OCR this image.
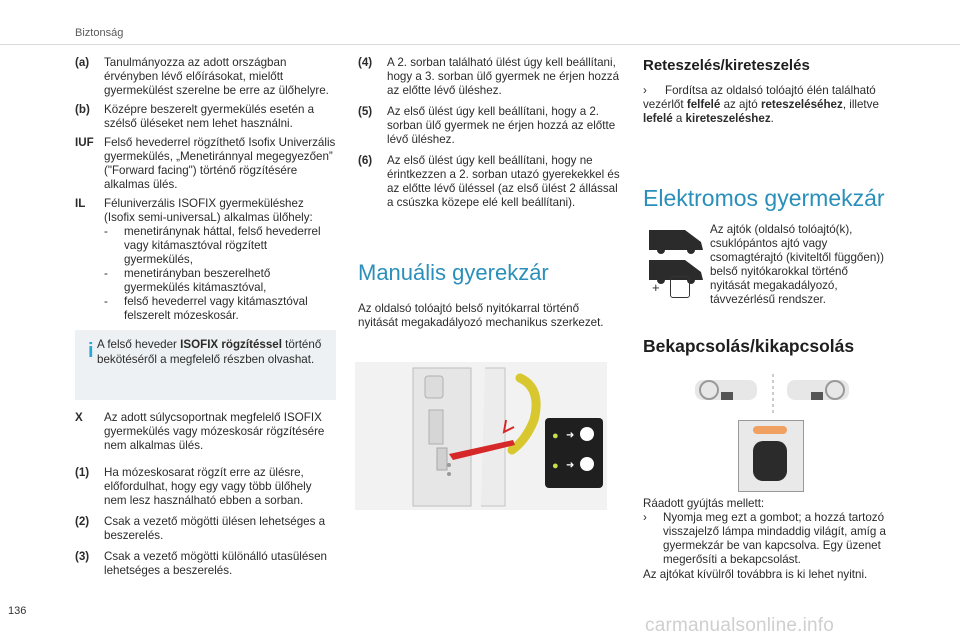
Biztonság
(a)	Tanulmányozza az adott országban érvényben lévő előírásokat, mielőtt gyermekülést szerelne be erre az ülőhelyre.
(b)	Középre beszerelt gyermekülés esetén a szélső üléseket nem lehet használni.
IUF Felső hevederrel rögzíthető Isofix Univerzális gyermekülés, „Menetiránnyal megegyezően” ("Forward facing") történő rögzítésére alkalmas ülés.
IL	Féluniverzális ISOFIX gyermeküléshez (Isofix semi-universaL) alkalmas ülőhely:
-	menetiránynak háttal, felső hevederrel vagy kitámasztóval rögzített gyermekülés,
-	menetirányban beszerelhető gyermekülés kitámasztóval,
-	felső hevederrel vagy kitámasztóval felszerelt mózeskosár.
i A felső heveder ISOFIX rögzítéssel történő bekötéséről a megfelelő részben olvashat.
X	Az adott súlycsoportnak megfelelő ISOFIX gyermekülés vagy mózeskosár rögzítésére nem alkalmas ülés.
(1)	Ha mózeskosarat rögzít erre az ülésre, előfordulhat, hogy egy vagy több ülőhely nem lesz használható ebben a sorban.
(2)	Csak a vezető mögötti ülésen lehetséges a beszerelés.
(3)	Csak a vezető mögötti különálló utasülésen lehetséges a beszerelés.
(4)	A 2. sorban található ülést úgy kell beállítani, hogy a 3. sorban ülő gyermek ne érjen hozzá az előtte lévő üléshez.
(5)	Az első ülést úgy kell beállítani, hogy a 2. sorban ülő gyermek ne érjen hozzá az előtte lévő üléshez.
(6)	Az első ülést úgy kell beállítani, hogy ne érintkezzen a 2. sorban utazó gyerekekkel és az előtte lévő üléssel (az első ülést 2 állással a csúszka közepe elé kell beállítani).
Manuális gyerekzár
Az oldalsó tolóajtó belső nyitókarral történő nyitását megakadályozó mechanikus szerkezet.
● ➜
● ➜
Reteszelés/kireteszelés
› Fordítsa az oldalsó tolóajtó élén található vezérlőt felfelé az ajtó reteszeléséhez, illetve lefelé a kireteszeléshez.
Elektromos gyermekzár
+
Az ajtók (oldalsó tolóajtó(k), csuklópántos ajtó vagy csomagtérajtó (kiviteltől függően)) belső nyitókarokkal történő nyitását megakadályozó, távvezérlésű rendszer.
Bekapcsolás/kikapcsolás
Ráadott gyújtás mellett:
›	Nyomja meg ezt a gombot; a hozzá tartozó visszajelző lámpa mindaddig világít, amíg a gyermekzár be van kapcsolva. Egy üzenet megerősíti a bekapcsolást.
Az ajtókat kívülről továbbra is ki lehet nyitni.
136
carmanualsonline.info
